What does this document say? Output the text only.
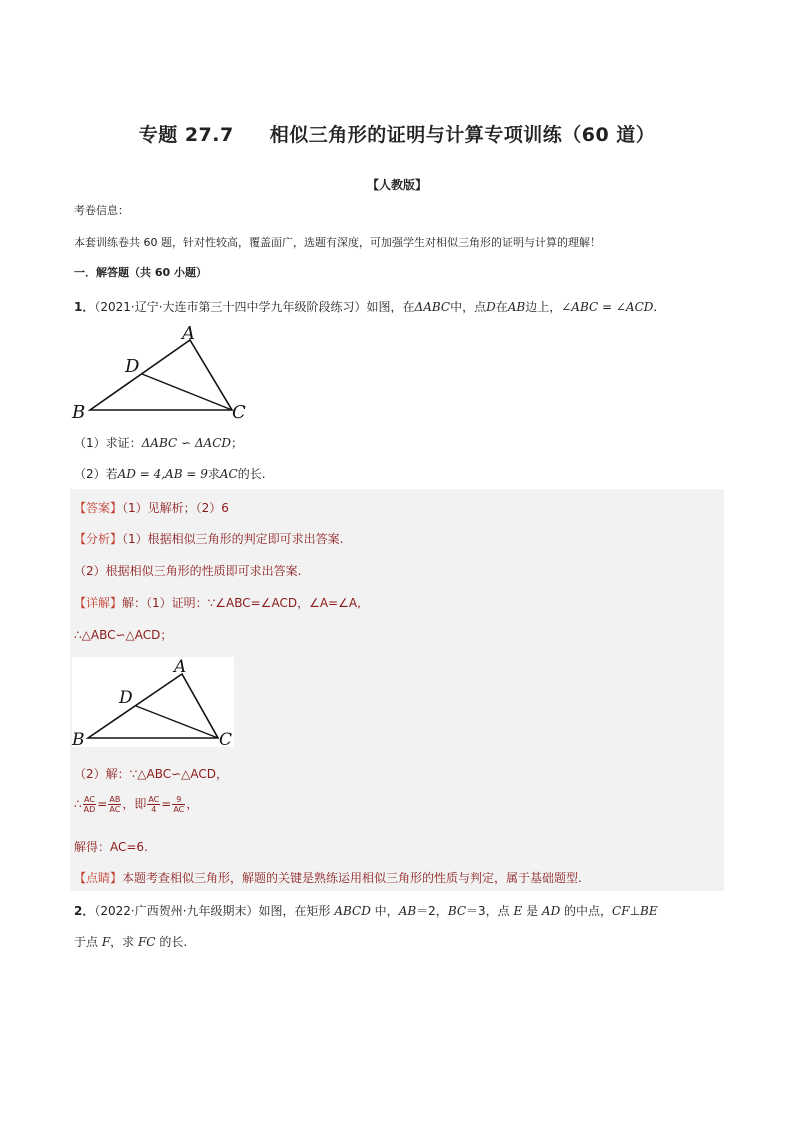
专题 27.7 相似三角形的证明与计算专项训练（60 道）
【人教版】
考卷信息：
本套训练卷共 60 题，针对性较高，覆盖面广，选题有深度，可加强学生对相似三角形的证明与计算的理解！
一．解答题（共 60 小题）
1．（2021·辽宁·大连市第三十四中学九年级阶段练习）如图，在ΔABC中，点D在AB边上，∠ABC = ∠ACD.
A
B	C
D
（1）求证：ΔABC ∽ ΔACD；
（2）若AD = 4,AB = 9求AC的长.
【答案】（1）见解析；（2）6
【分析】（1）根据相似三角形的判定即可求出答案.
（2）根据相似三角形的性质即可求出答案.
【详解】解：（1）证明：∵∠ABC=∠ACD，∠A=∠A,
∴△ABC∽△ACD；
A
B	C
D
（2）解：∵△ABC∽△ACD，
∴ $\frac{AC}{AD} = \frac{AB}{AC}$ ，即 $\frac{AC}{4} = \frac{9}{AC}$ ，
解得：AC=6.
【点睛】本题考查相似三角形，解题的关键是熟练运用相似三角形的性质与判定，属于基础题型.
2．（2022·广西贺州·九年级期末）如图，在矩形 ABCD 中，AB＝2，BC＝3，点 E 是 AD 的中点，CF⊥BE
于点 F，求 FC 的长.
